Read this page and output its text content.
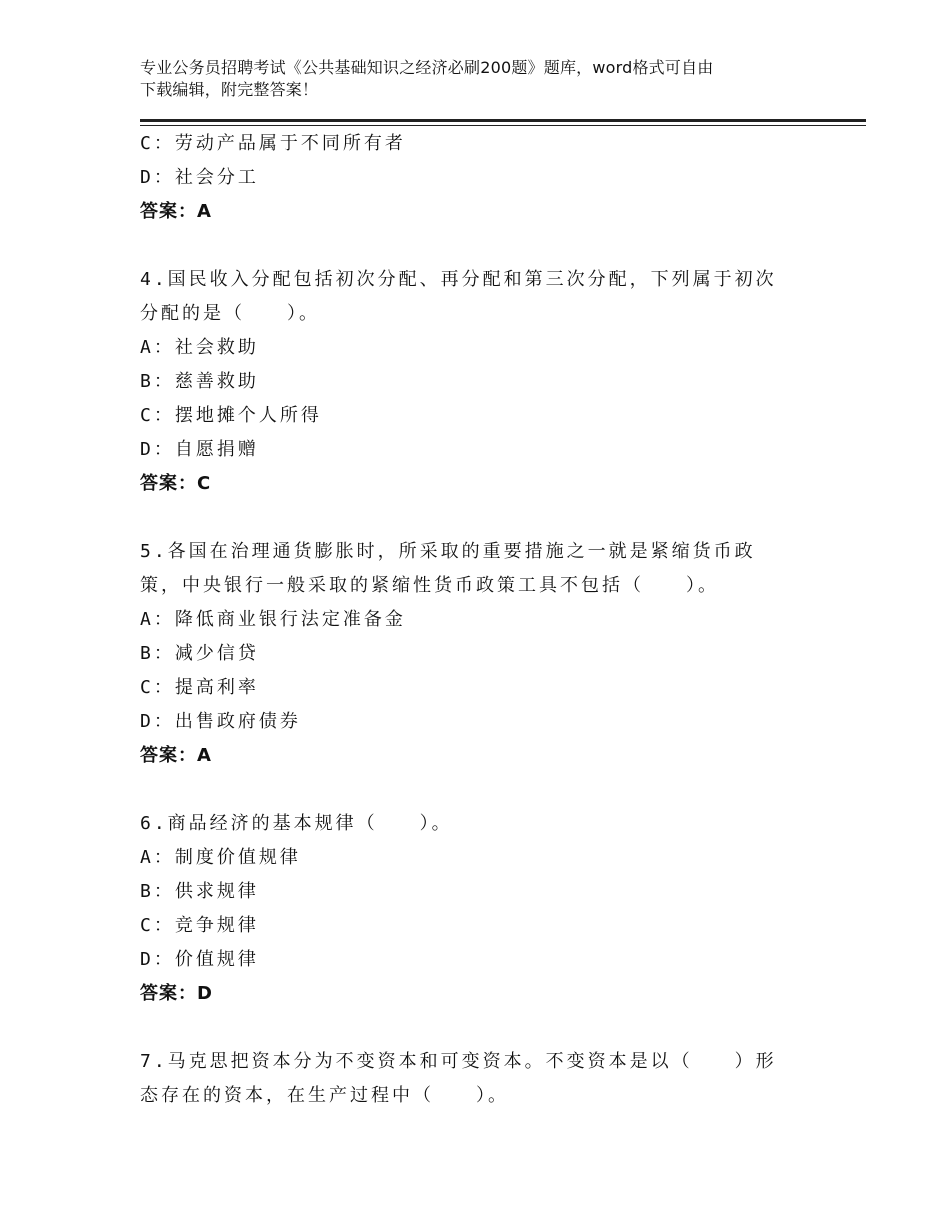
专业公务员招聘考试《公共基础知识之经济必刷200题》题库，word格式可自由
下载编辑，附完整答案！
C：劳动产品属于不同所有者
D：社会分工
答案：A
4.国民收入分配包括初次分配、再分配和第三次分配，下列属于初次
分配的是（　　）。
A：社会救助
B：慈善救助
C：摆地摊个人所得
D：自愿捐赠
答案：C
5.各国在治理通货膨胀时，所采取的重要措施之一就是紧缩货币政
策，中央银行一般采取的紧缩性货币政策工具不包括（　　）。
A：降低商业银行法定准备金
B：减少信贷
C：提高利率
D：出售政府债券
答案：A
6.商品经济的基本规律（　　）。
A：制度价值规律
B：供求规律
C：竞争规律
D：价值规律
答案：D
7.马克思把资本分为不变资本和可变资本。不变资本是以（　　）形
态存在的资本，在生产过程中（　　）。
